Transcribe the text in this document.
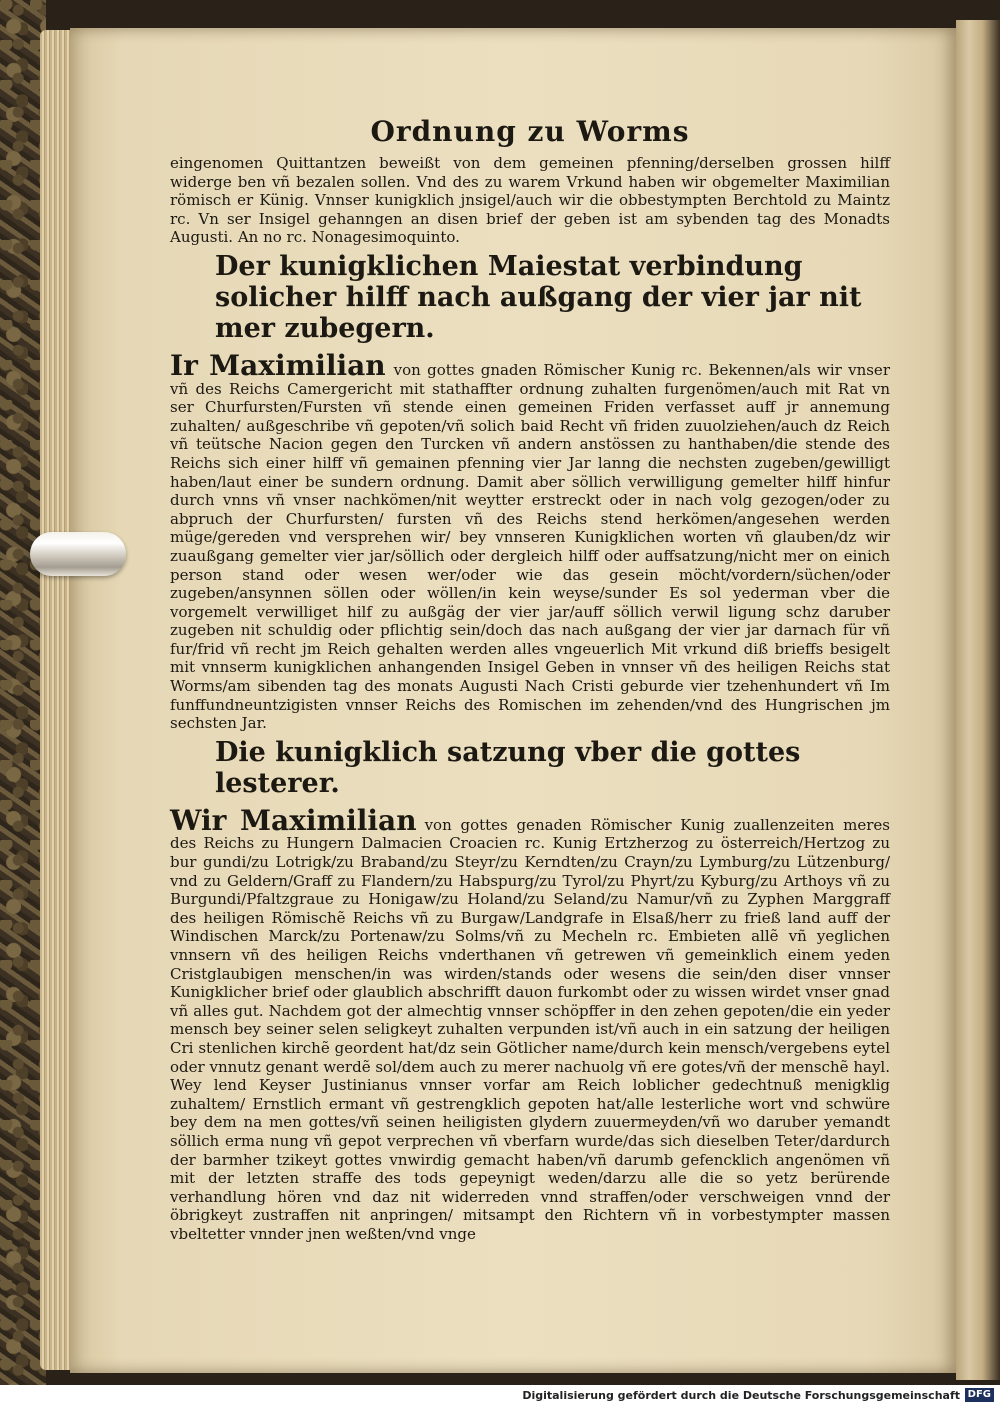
Ordnung zu Worms

eingenomen Quittantzen beweißt von dem gemeinen pfenning/derselben grossen hilff widerge ben vñ bezalen sollen. Vnd des zu warem Vrkund haben wir obgemelter Maximilian römisch er Künig. Vnnser kunigklich jnsigel/auch wir die obbestympten Berchtold zu Maintz rc. Vn ser Insigel gehanngen an disen brief der geben ist am sybenden tag des Monadts Augusti. An no rc. Nonagesimoquinto.

Der kunigklichen Maiestat verbindung solicher hilff nach außgang der vier jar nit mer zubegern.

Ir Maximilian von gottes gnaden Römischer Kunig rc. Bekennen/als wir vnser vñ des Reichs Camergericht mit stathaffter ordnung zuhalten furgenömen/auch mit Rat vn ser Churfursten/Fursten vñ stende einen gemeinen Friden verfasset auff jr annemung zuhalten/ außgeschribe vñ gepoten/vñ solich baid Recht vñ friden zuuolziehen/auch dz Reich vñ teütsche Nacion gegen den Turcken vñ andern anstössen zu hanthaben/die stende des Reichs sich einer hilff vñ gemainen pfenning vier Jar lanng die nechsten zugeben/gewilligt haben/laut einer be sundern ordnung. Damit aber söllich verwilligung gemelter hilff hinfur durch vnns vñ vnser nachkömen/nit weytter erstreckt oder in nach volg gezogen/oder zu abpruch der Churfursten/ fursten vñ des Reichs stend herkömen/angesehen werden müge/gereden vnd versprehen wir/ bey vnnseren Kunigklichen worten vñ glauben/dz wir zuaußgang gemelter vier jar/söllich oder dergleich hilff oder auffsatzung/nicht mer on einich person stand oder wesen wer/oder wie das gesein möcht/vordern/süchen/oder zugeben/ansynnen söllen oder wöllen/in kein weyse/sunder Es sol yederman vber die vorgemelt verwilliget hilf zu außgäg der vier jar/auff söllich verwil ligung schz daruber zugeben nit schuldig oder pflichtig sein/doch das nach außgang der vier jar darnach für vñ fur/frid vñ recht jm Reich gehalten werden alles vngeuerlich Mit vrkund diß brieffs besigelt mit vnnserm kunigklichen anhangenden Insigel Geben in vnnser vñ des heiligen Reichs stat Worms/am sibenden tag des monats Augusti Nach Cristi geburde vier tzehenhundert vñ Im funffundneuntzigisten vnnser Reichs des Romischen im zehenden/vnd des Hungrischen jm sechsten Jar.

Die kunigklich satzung vber die gottes lesterer.

Wir Maximilian von gottes genaden Römischer Kunig zuallenzeiten meres des Reichs zu Hungern Dalmacien Croacien rc. Kunig Ertzherzog zu österreich/Hertzog zu bur gundi/zu Lotrigk/zu Braband/zu Steyr/zu Kerndten/zu Crayn/zu Lymburg/zu Lützenburg/ vnd zu Geldern/Graff zu Flandern/zu Habspurg/zu Tyrol/zu Phyrt/zu Kyburg/zu Arthoys vñ zu Burgundi/Pfaltzgraue zu Honigaw/zu Holand/zu Seland/zu Namur/vñ zu Zyphen Marggraff des heiligen Römischẽ Reichs vñ zu Burgaw/Landgrafe in Elsaß/herr zu frieß land auff der Windischen Marck/zu Portenaw/zu Solms/vñ zu Mecheln rc. Embieten allẽ vñ yeglichen vnnsern vñ des heiligen Reichs vnderthanen vñ getrewen vñ gemeinklich einem yeden Cristglaubigen menschen/in was wirden/stands oder wesens die sein/den diser vnnser Kunigklicher brief oder glaublich abschrifft dauon furkombt oder zu wissen wirdet vnser gnad vñ alles gut. Nachdem got der almechtig vnnser schöpffer in den zehen gepoten/die ein yeder mensch bey seiner selen seligkeyt zuhalten verpunden ist/vñ auch in ein satzung der heiligen Cri stenlichen kirchẽ geordent hat/dz sein Götlicher name/durch kein mensch/vergebens eytel oder vnnutz genant werdẽ sol/dem auch zu merer nachuolg vñ ere gotes/vñ der menschẽ hayl. Wey lend Keyser Justinianus vnnser vorfar am Reich loblicher gedechtnuß menigklig zuhaltem/ Ernstlich ermant vñ gestrengklich gepoten hat/alle lesterliche wort vnd schwüre bey dem na men gottes/vñ seinen heiligisten glydern zuuermeyden/vñ wo daruber yemandt söllich erma nung vñ gepot verprechen vñ vberfarn wurde/das sich dieselben Teter/dardurch der barmher tzikeyt gottes vnwirdig gemacht haben/vñ darumb gefencklich angenömen vñ mit der letzten straffe des tods gepeynigt weden/darzu alle die so yetz berürende verhandlung hören vnd daz nit widerreden vnnd straffen/oder verschweigen vnnd der öbrigkeyt zustraffen nit anpringen/ mitsampt den Richtern vñ in vorbestympter massen vbeltetter vnnder jnen weßten/vnd vnge

Digitalisierung gefördert durch die Deutsche Forschungsgemeinschaft DFG
